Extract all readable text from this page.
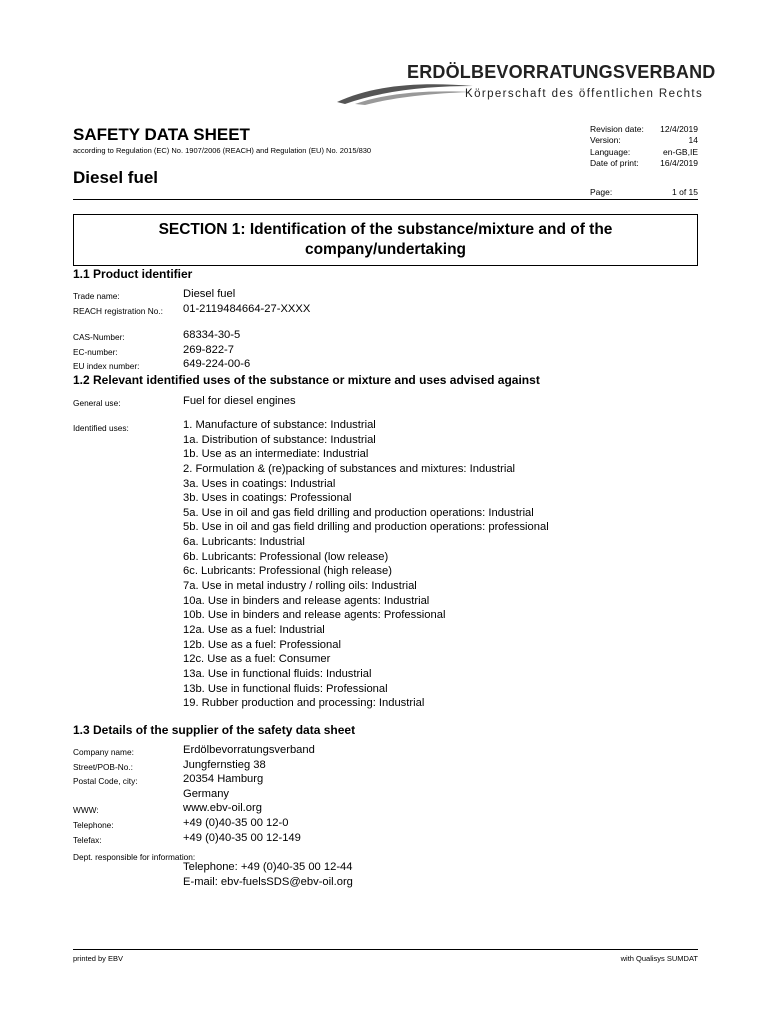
ERDÖLBEVORRATUNGSVERBAND
Körperschaft des öffentlichen Rechts
SAFETY DATA SHEET
according to Regulation (EC) No. 1907/2006 (REACH) and Regulation (EU) No. 2015/830
Diesel fuel
Revision date: 12/4/2019
Version:	14
Language:	en-GB,IE
Date of print:	16/4/2019
Page:	1 of 15
SECTION 1: Identification of the substance/mixture and of the
company/undertaking
1.1 Product identifier
Trade name:	Diesel fuel
REACH registration No.: 01-2119484664-27-XXXX
CAS-Number:	68334-30-5
EC-number:	269-822-7
EU index number:	649-224-00-6
1.2 Relevant identified uses of the substance or mixture and uses advised against
General use:	Fuel for diesel engines
Identified uses:	1. Manufacture of substance: Industrial
1a. Distribution of substance: Industrial
1b. Use as an intermediate: Industrial
2. Formulation & (re)packing of substances and mixtures: Industrial
3a. Uses in coatings: Industrial
3b. Uses in coatings: Professional
5a. Use in oil and gas field drilling and production operations: Industrial
5b. Use in oil and gas field drilling and production operations: professional
6a. Lubricants: Industrial
6b. Lubricants: Professional (low release)
6c. Lubricants: Professional (high release)
7a. Use in metal industry / rolling oils: Industrial
10a. Use in binders and release agents: Industrial
10b. Use in binders and release agents: Professional
12a. Use as a fuel: Industrial
12b. Use as a fuel: Professional
12c. Use as a fuel: Consumer
13a. Use in functional fluids: Industrial
13b. Use in functional fluids: Professional
19. Rubber production and processing: Industrial
1.3 Details of the supplier of the safety data sheet
Company name:	Erdölbevorratungsverband
Street/POB-No.:	Jungfernstieg 38
Postal Code, city:	20354 Hamburg
Germany
WWW:	www.ebv-oil.org
Telephone:	+49 (0)40-35 00 12-0
Telefax:	+49 (0)40-35 00 12-149
Dept. responsible for information:
Telephone: +49 (0)40-35 00 12-44
E-mail: ebv-fuelsSDS@ebv-oil.org
printed by EBV	with Qualisys SUMDAT
